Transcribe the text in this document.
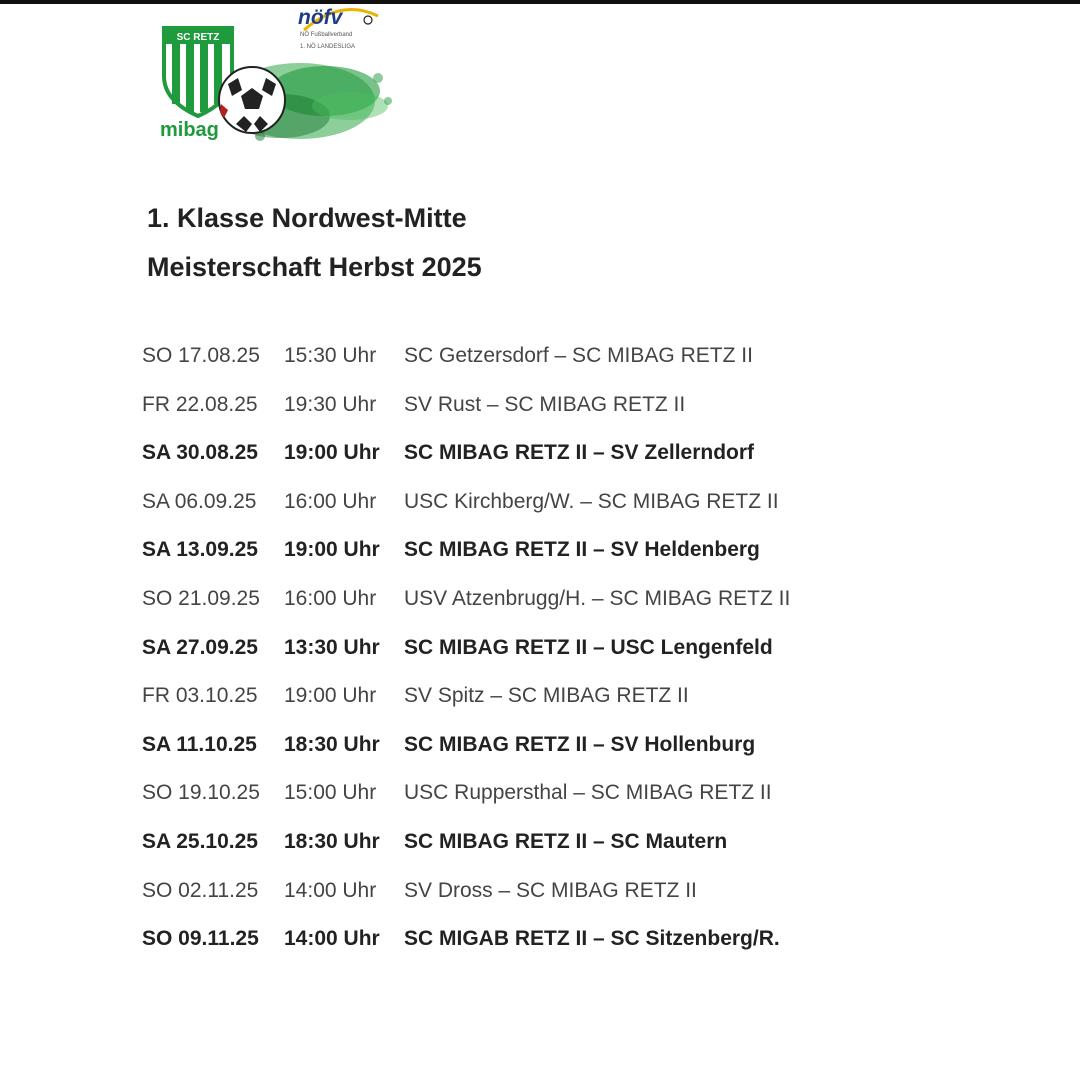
SC RETZ
mibag
nöfv
NÖ Fußballverband
1. NÖ LANDESLIGA
1. Klasse Nordwest-Mitte
Meisterschaft Herbst 2025
SO 17.08.25 15:30 Uhr SC Getzersdorf – SC MIBAG RETZ II
FR 22.08.25 19:30 Uhr SV Rust – SC MIBAG RETZ II
SA 30.08.25 19:00 Uhr SC MIBAG RETZ II – SV Zellerndorf
SA 06.09.25 16:00 Uhr USC Kirchberg/W. – SC MIBAG RETZ II
SA 13.09.25 19:00 Uhr SC MIBAG RETZ II – SV Heldenberg
SO 21.09.25 16:00 Uhr USV Atzenbrugg/H. – SC MIBAG RETZ II
SA 27.09.25 13:30 Uhr SC MIBAG RETZ II – USC Lengenfeld
FR 03.10.25 19:00 Uhr SV Spitz – SC MIBAG RETZ II
SA 11.10.25 18:30 Uhr SC MIBAG RETZ II – SV Hollenburg
SO 19.10.25 15:00 Uhr USC Ruppersthal – SC MIBAG RETZ II
SA 25.10.25 18:30 Uhr SC MIBAG RETZ II – SC Mautern
SO 02.11.25 14:00 Uhr SV Dross – SC MIBAG RETZ II
SO 09.11.25 14:00 Uhr SC MIGAB RETZ II – SC Sitzenberg/R.
